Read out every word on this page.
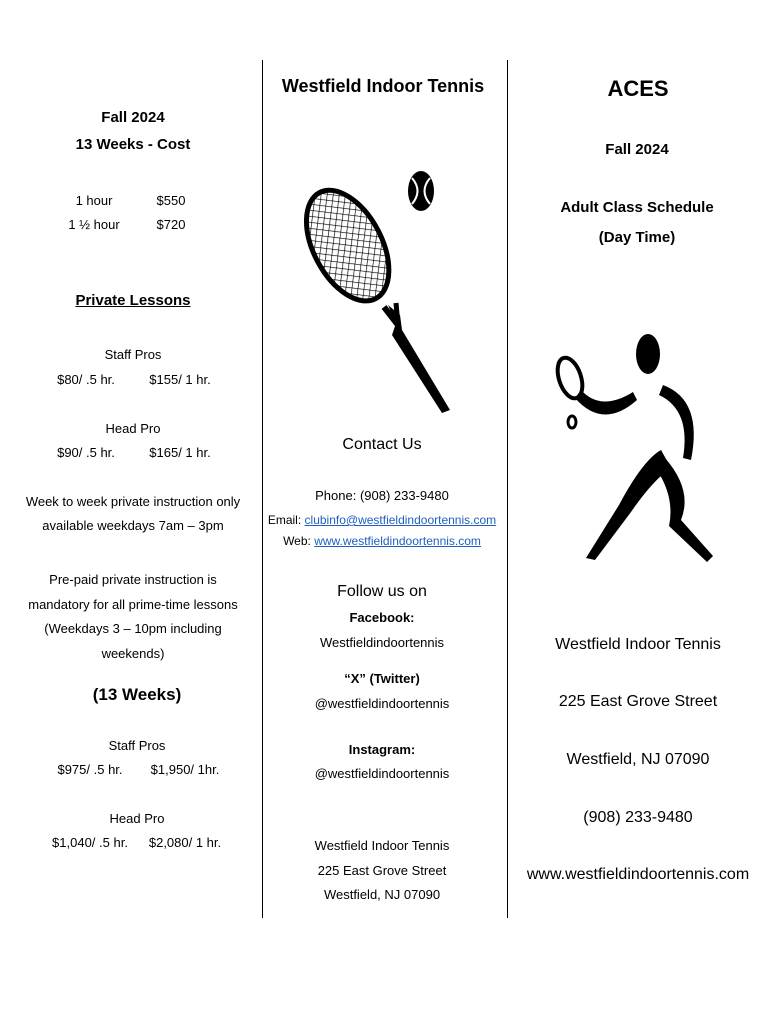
Fall 2024
13 Weeks - Cost
1 hour	$550
1 ½ hour	$720
Private Lessons
Staff Pros
$80/ .5 hr.	$155/ 1 hr.
Head Pro
$90/ .5 hr.	$165/ 1 hr.
Week to week private instruction only
available weekdays 7am – 3pm
Pre-paid private instruction is
mandatory for all prime-time lessons
(Weekdays 3 – 10pm including
weekends)
(13 Weeks)
Staff Pros
$975/ .5 hr. $1,950/ 1hr.
Head Pro
$1,040/ .5 hr. $2,080/ 1 hr.
Westfield Indoor Tennis
Contact Us
Phone: (908) 233-9480
Email: clubinfo@westfieldindoortennis.com
Web: www.westfieldindoortennis.com
Follow us on
Facebook:
Westfieldindoortennis
“X” (Twitter)
@westfieldindoortennis
Instagram:
@westfieldindoortennis
Westfield Indoor Tennis
225 East Grove Street
Westfield, NJ 07090
ACES
Fall 2024
Adult Class Schedule
(Day Time)
Westfield Indoor Tennis
225 East Grove Street
Westfield, NJ 07090
(908) 233-9480
www.westfieldindoortennis.com
